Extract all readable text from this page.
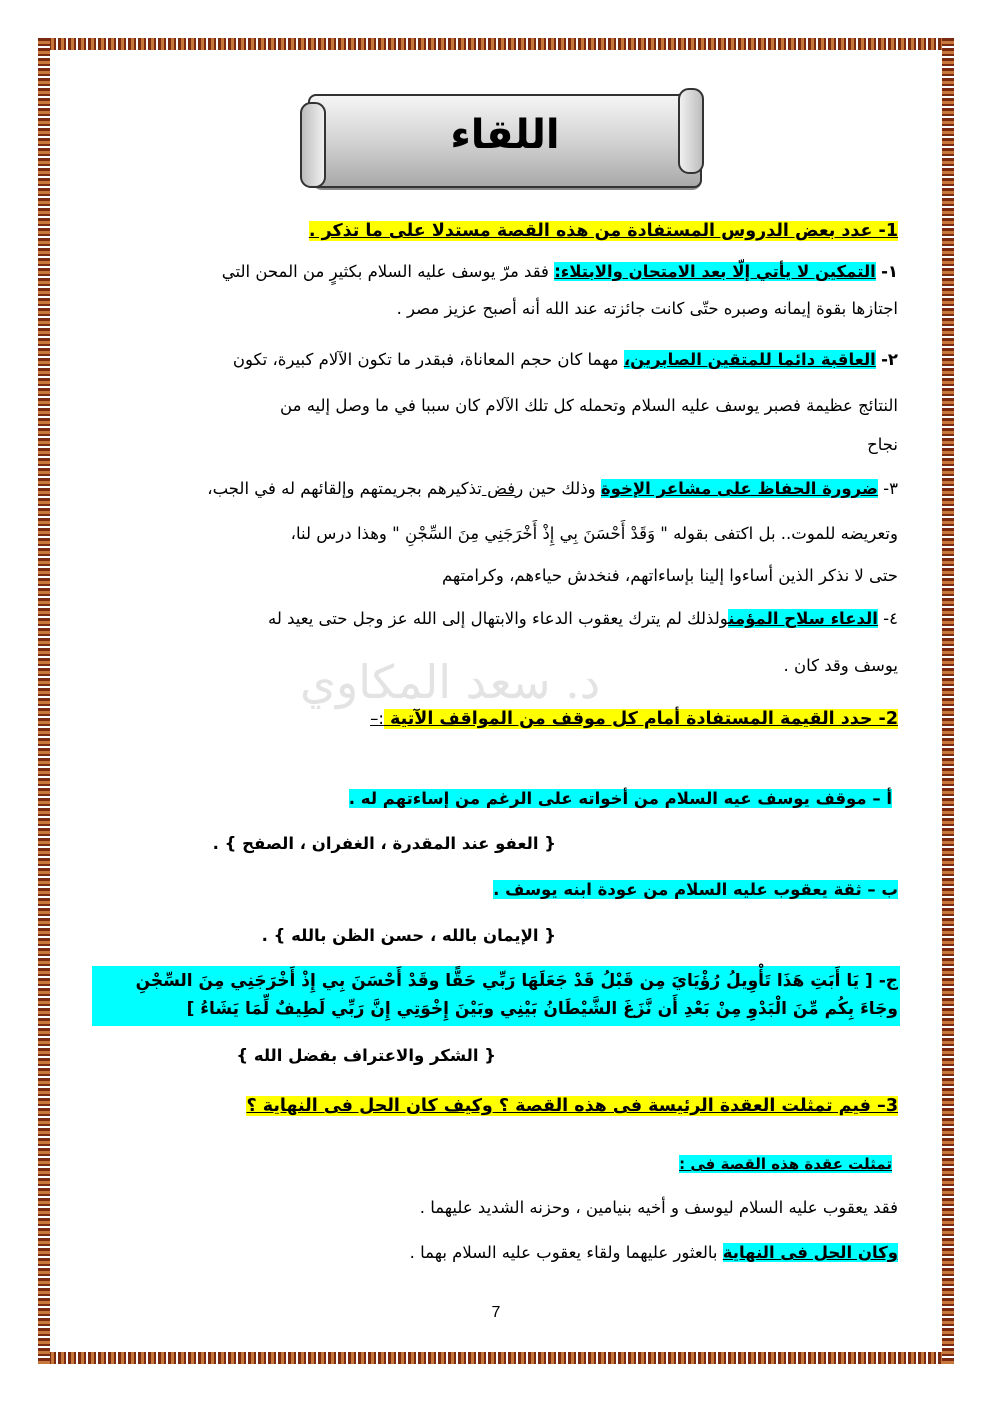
اللقاء
د. سعد المكاوي
1- عدد بعض الدروس المستفادة من هذه القصة مستدلا على ما تذكر .
١- التمكين لا يأتي إلّا بعد الامتحان والابتلاء: فقد مرّ يوسف عليه السلام بكثيرٍ من المحن التي
اجتازها بقوة إيمانه وصبره حتّى كانت جائزته عند الله أنه أصبح عزيز مصر .
٢- العاقبة دائما للمتقين الصابرين، مهما كان حجم المعاناة، فبقدر ما تكون الآلام كبيرة، تكون
النتائج عظيمة فصبر يوسف عليه السلام وتحمله كل تلك الآلام كان سببا في ما وصل إليه من
نجاح
٣- ضرورة الحفاظ على مشاعر الإخوة وذلك حين رفض تذكيرهم بجريمتهم وإلقائهم له في الجب،
وتعريضه للموت.. بل اكتفى بقوله " وَقَدْ أَحْسَنَ بِي إِذْ أَخْرَجَنِي مِنَ السِّجْنِ " وهذا درس لنا،
حتى لا نذكر الذين أساءوا إلينا بإساءاتهم، فنخدش حياءهم، وكرامتهم
٤- الدعاء سلاح المؤمنولذلك لم يترك يعقوب الدعاء والابتهال إلى الله عز وجل حتى يعيد له
يوسف وقد كان .
2- حدد القيمة المستفادة أمام كل موقف من المواقف الآتية :–
أ – موقف يوسف عيه السلام من أخواته على الرغم من إساءتهم له .
{ العفو عند المقدرة ، الغفران ، الصفح } .
ب – ثقة يعقوب عليه السلام من عودة ابنه يوسف .
{ الإيمان بالله ، حسن الظن بالله } .
ج- [ يَا أَبَتِ هَذَا تَأْوِيلُ رُؤْيَايَ مِن قَبْلُ قَدْ جَعَلَهَا رَبِّي حَقًّا وقَدْ أَحْسَنَ بِي إِذْ أَخْرَجَنِي مِنَ السِّجْنِ
وجَاءَ بِكُم مِّنَ الْبَدْوِ مِنْ بَعْدِ أَن نَّزَغَ الشَّيْطَانُ بَيْنِي وبَيْنَ إِخْوَتِي إِنَّ رَبِّي لَطِيفٌ لِّمَا يَشَاءُ ]
{ الشكر والاعتراف بفضل الله }
3– فيم تمثلت العقدة الرئيسة فى هذه القصة ؟ وكيف كان الحل فى النهاية ؟
تمثلت عقدة هذه القصة فى :
فقد يعقوب عليه السلام ليوسف و أخيه بنيامين ، وحزنه الشديد عليهما .
وكان الحل فى النهاية بالعثور عليهما ولقاء يعقوب عليه السلام بهما .
7
